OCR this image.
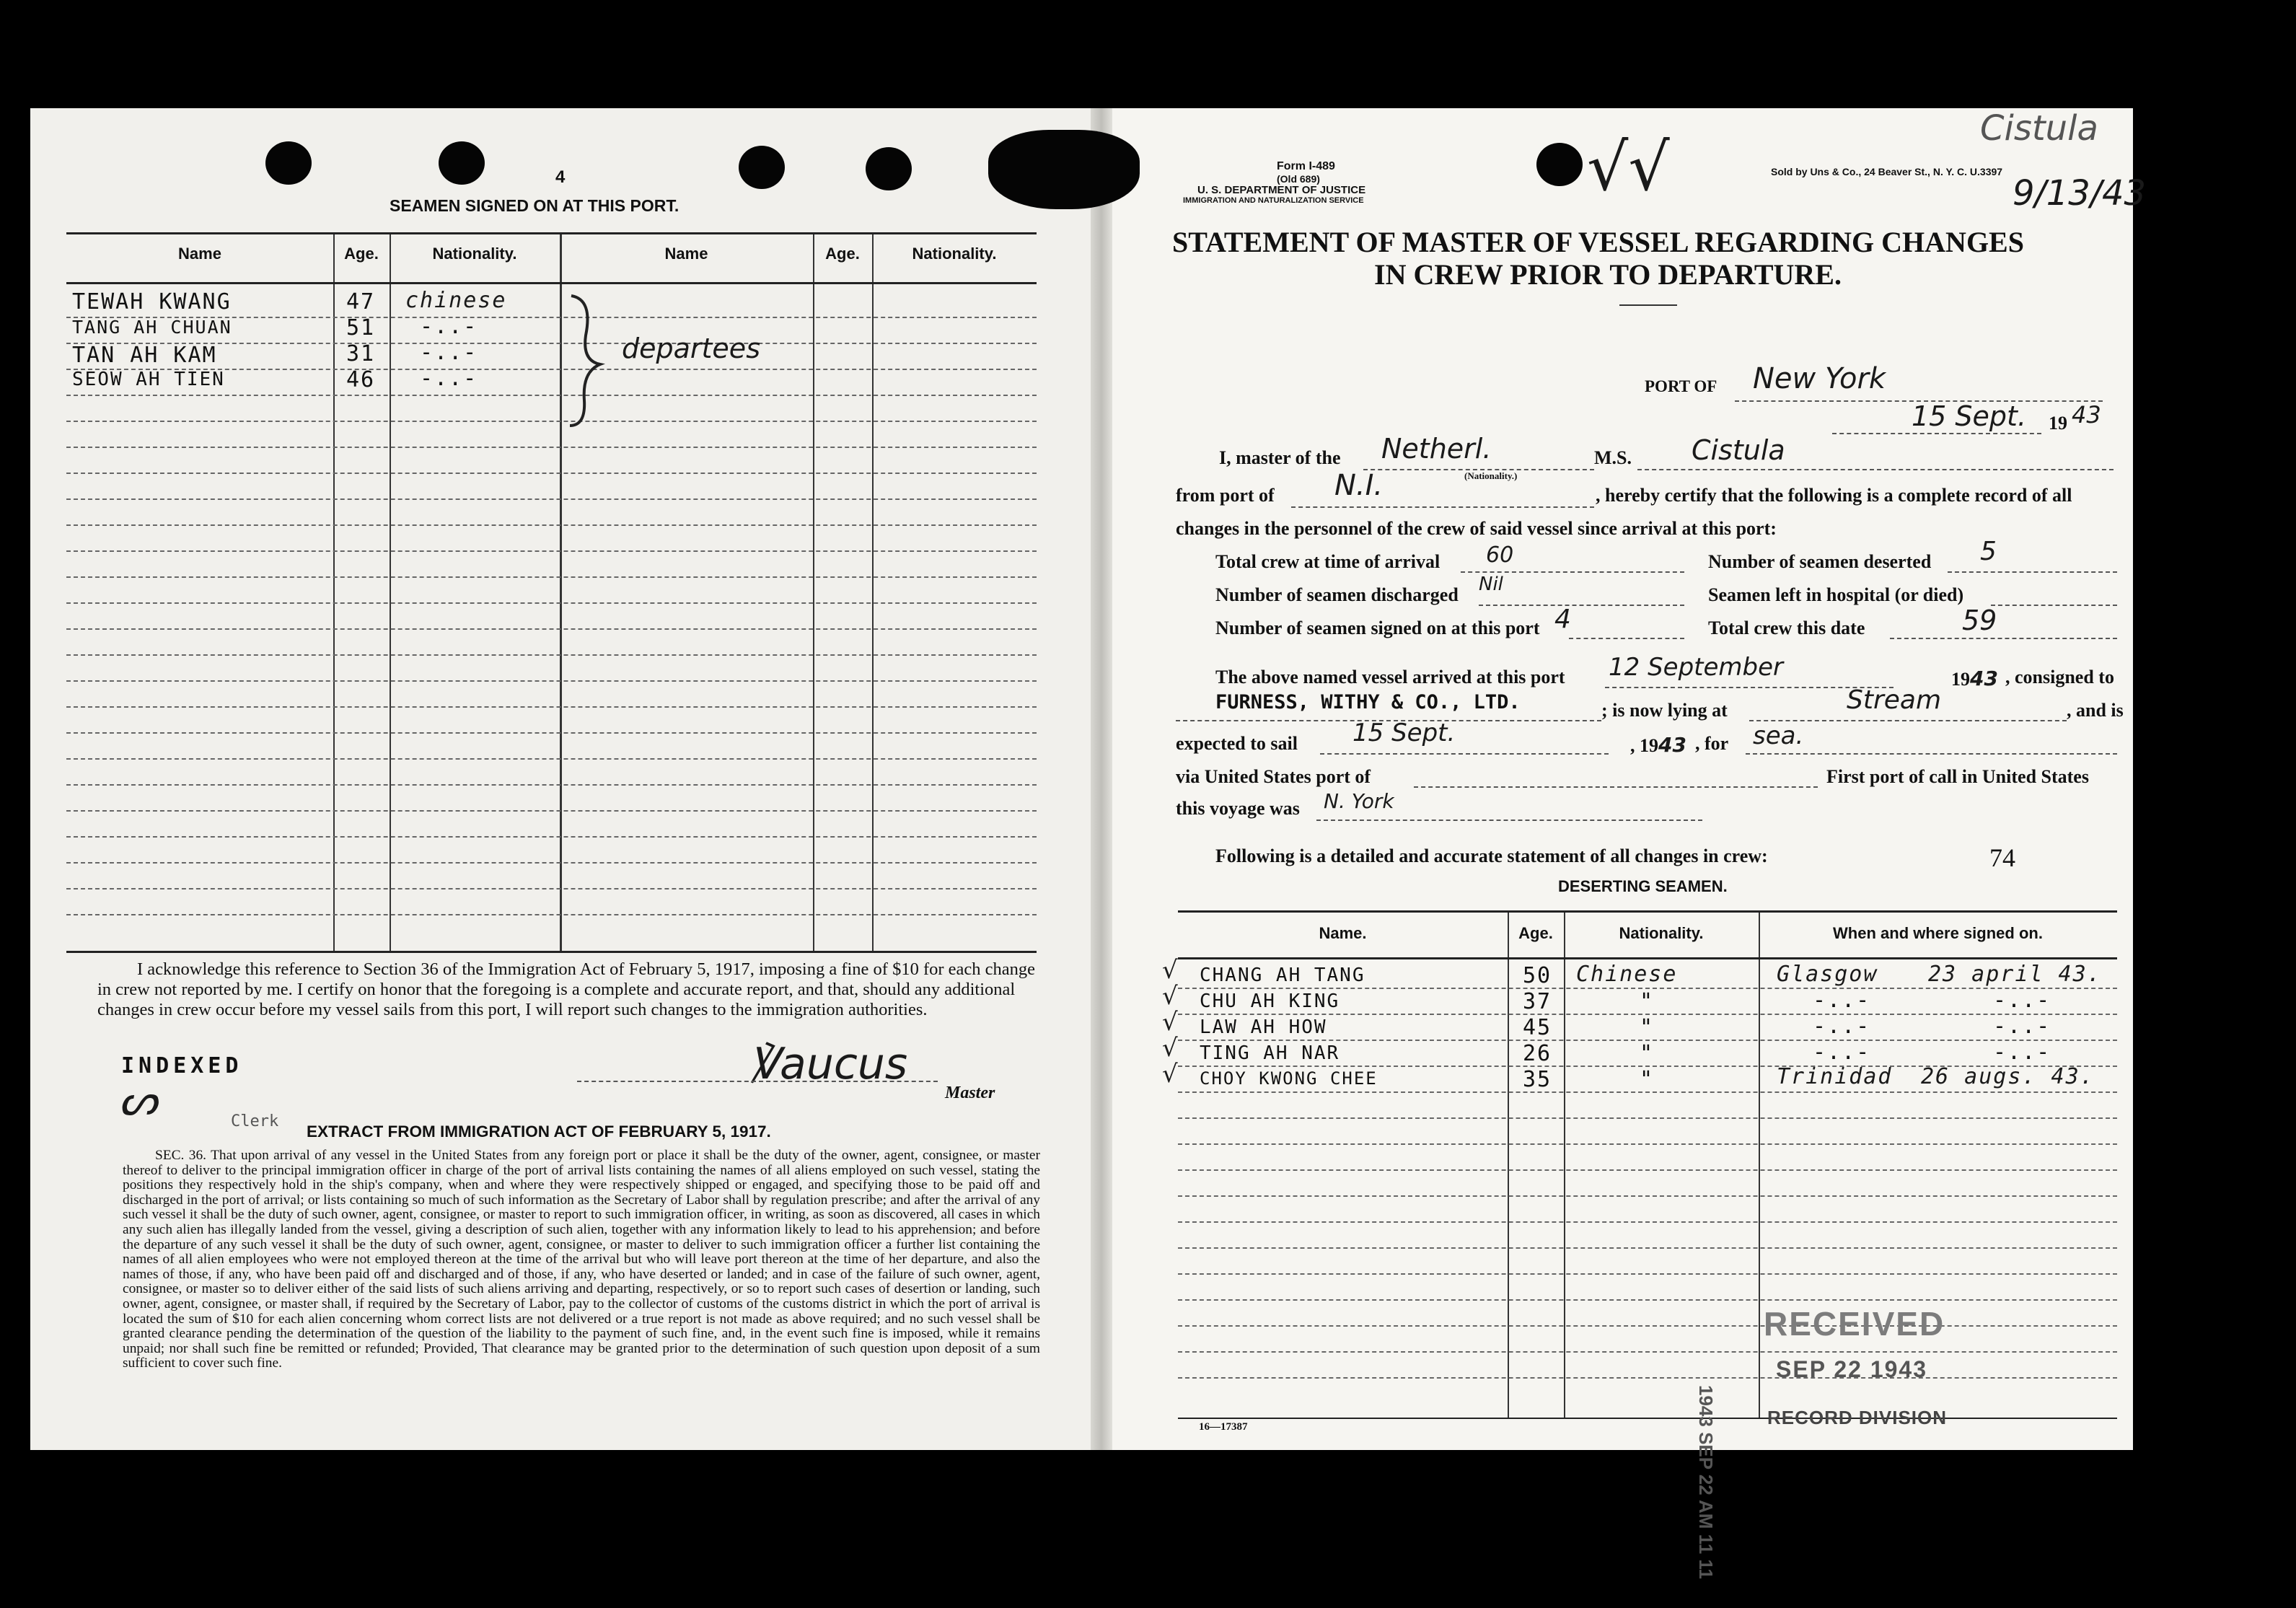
4
SEAMEN SIGNED ON AT THIS PORT.
Name	Age.	Nationality.	Name	Age.	Nationality.
TEWAH KWANG	47 chinese
TANG AH CHUAN	51 -..-
TAN AH KAM	31 -..-
SEOW AH TIEN	46 -..-
departees
I acknowledge this reference to Section 36 of the Immigration Act of February 5, 1917, imposing a fine of $10 for each change in crew not reported by me. I certify on honor that the foregoing is a complete and accurate report, and that, should any additional changes in crew occur before my vessel sails from this port, I will report such changes to the immigration authorities.
INDEXED
ᔕ	Clerk
℣aucus
Master
EXTRACT FROM IMMIGRATION ACT OF FEBRUARY 5, 1917.
SEC. 36. That upon arrival of any vessel in the United States from any foreign port or place it shall be the duty of the owner, agent, consignee, or master thereof to deliver to the principal immigration officer in charge of the port of arrival lists containing the names of all aliens employed on such vessel, stating the positions they respectively hold in the ship's company, when and where they were respectively shipped or engaged, and specifying those to be paid off and discharged in the port of arrival; or lists containing so much of such information as the Secretary of Labor shall by regulation prescribe; and after the arrival of any such vessel it shall be the duty of such owner, agent, consignee, or master to report to such immigration officer, in writing, as soon as discovered, all cases in which any such alien has illegally landed from the vessel, giving a description of such alien, together with any information likely to lead to his apprehension; and before the departure of any such vessel it shall be the duty of such owner, agent, consignee, or master to deliver to such immigration officer a further list containing the names of all alien employees who were not employed thereon at the time of the arrival but who will leave port thereon at the time of her departure, and also the names of those, if any, who have been paid off and discharged and of those, if any, who have deserted or landed; and in case of the failure of such owner, agent, consignee, or master so to deliver either of the said lists of such aliens arriving and departing, respectively, or so to report such cases of desertion or landing, such owner, agent, consignee, or master shall, if required by the Secretary of Labor, pay to the collector of customs of the customs district in which the port of arrival is located the sum of $10 for each alien concerning whom correct lists are not delivered or a true report is not made as above required; and no such vessel shall be granted clearance pending the determination of the question of the liability to the payment of such fine, and, in the event such fine is imposed, while it remains unpaid; nor shall such fine be remitted or refunded; Provided, That clearance may be granted prior to the determination of such question upon deposit of a sum sufficient to cover such fine.
Form I-489
(Old 689)
U. S. DEPARTMENT OF JUSTICE
IMMIGRATION AND NATURALIZATION SERVICE
Sold by Uns & Co., 24 Beaver St., N. Y. C. U.3397
√√
Cistula
9/13/43
STATEMENT OF MASTER OF VESSEL REGARDING CHANGES
IN CREW PRIOR TO DEPARTURE.
PORT OF New York
15 Sept. 19 43
I, master of the Netherl.
(Nationality.)
M.S. Cistula
from port of N.I.	, hereby certify that the following is a complete record of all
changes in the personnel of the crew of said vessel since arrival at this port:
Total crew at time of arrival 60	Number of seamen deserted 5
Number of seamen discharged Nil	Seamen left in hospital (or died)
Number of seamen signed on at this port 4	Total crew this date	59
The above named vessel arrived at this port 12 September	1943 , consigned to
FURNESS, WITHY & CO., LTD.	; is now lying at	Stream	, and is
expected to sail 15 Sept.	, 1943 , for sea.
via United States port of	First port of call in United States
this voyage was N. York
Following is a detailed and accurate statement of all changes in crew:	74
DESERTING SEAMEN.
Name.	Age.	Nationality.	When and where signed on.
CHANG AH TANG	50 Chinese	Glasgow 23 april 43.
CHU AH KING	37	"	-..-	-..-
LAW AH HOW	45	"	-..-	-..-
TING AH NAR	26	"	-..-	-..-
CHOY KWONG CHEE	35	"	Trinidad 26 augs. 43.
√
√
√
√
√
16—17387
RECEIVED
SEP 22 1943
RECORD DIVISION
1943 SEP 22 AM 11 11
